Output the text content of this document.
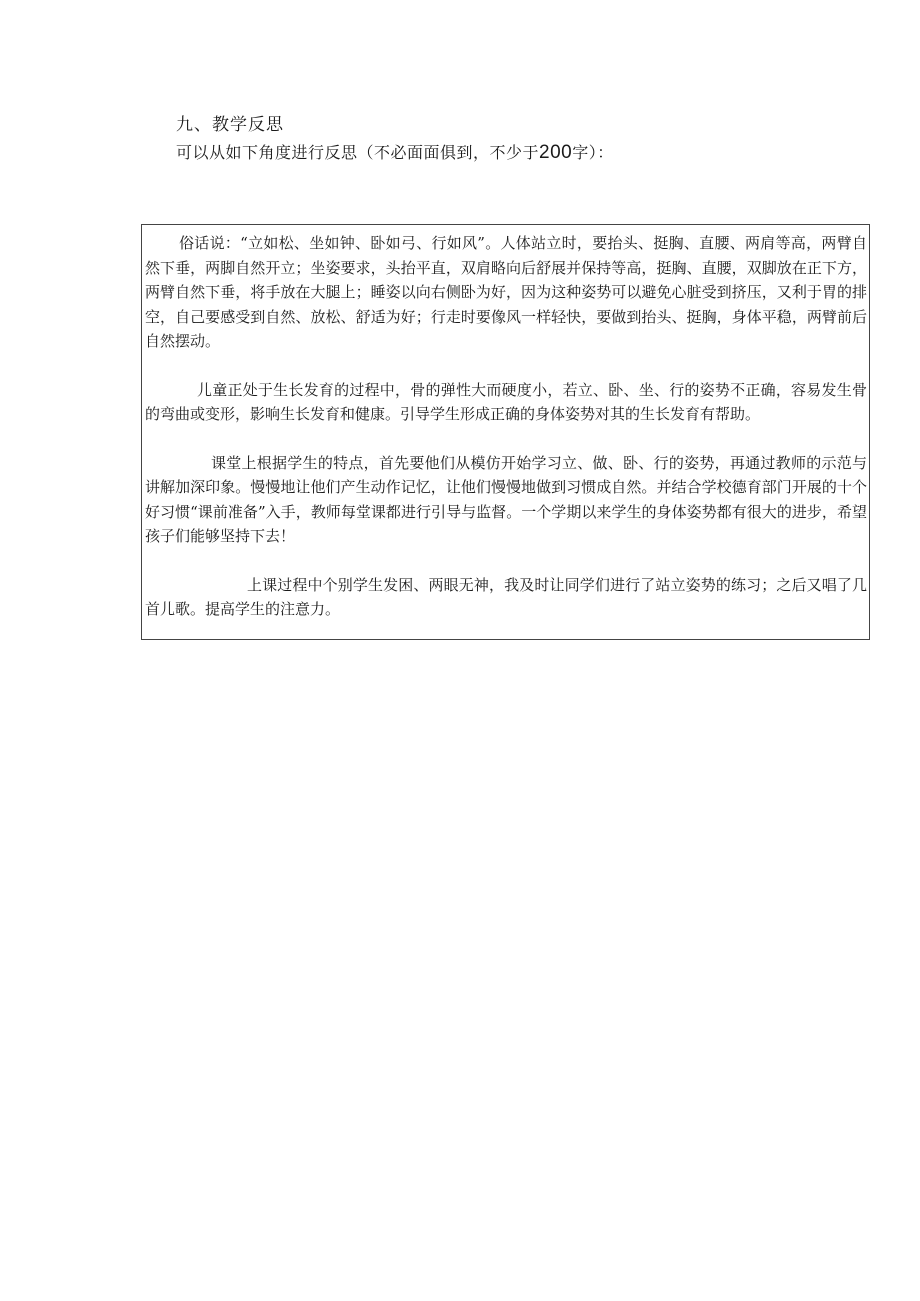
九、教学反思

可以从如下角度进行反思（不必面面俱到，不少于200字）：

俗话说：“立如松、坐如钟、卧如弓、行如风”。人体站立时，要抬头、挺胸、直腰、两肩等高，两臂自然下垂，两脚自然开立；坐姿要求，头抬平直，双肩略向后舒展并保持等高，挺胸、直腰，双脚放在正下方，两臂自然下垂，将手放在大腿上；睡姿以向右侧卧为好，因为这种姿势可以避免心脏受到挤压，又利于胃的排空，自己要感受到自然、放松、舒适为好；行走时要像风一样轻快，要做到抬头、挺胸，身体平稳，两臂前后自然摆动。

儿童正处于生长发育的过程中，骨的弹性大而硬度小，若立、卧、坐、行的姿势不正确，容易发生骨的弯曲或变形，影响生长发育和健康。引导学生形成正确的身体姿势对其的生长发育有帮助。

课堂上根据学生的特点，首先要他们从模仿开始学习立、做、卧、行的姿势，再通过教师的示范与讲解加深印象。慢慢地让他们产生动作记忆，让他们慢慢地做到习惯成自然。并结合学校德育部门开展的十个好习惯“课前准备”入手，教师每堂课都进行引导与监督。一个学期以来学生的身体姿势都有很大的进步，希望孩子们能够坚持下去！

上课过程中个别学生发困、两眼无神，我及时让同学们进行了站立姿势的练习；之后又唱了几首儿歌。提高学生的注意力。
